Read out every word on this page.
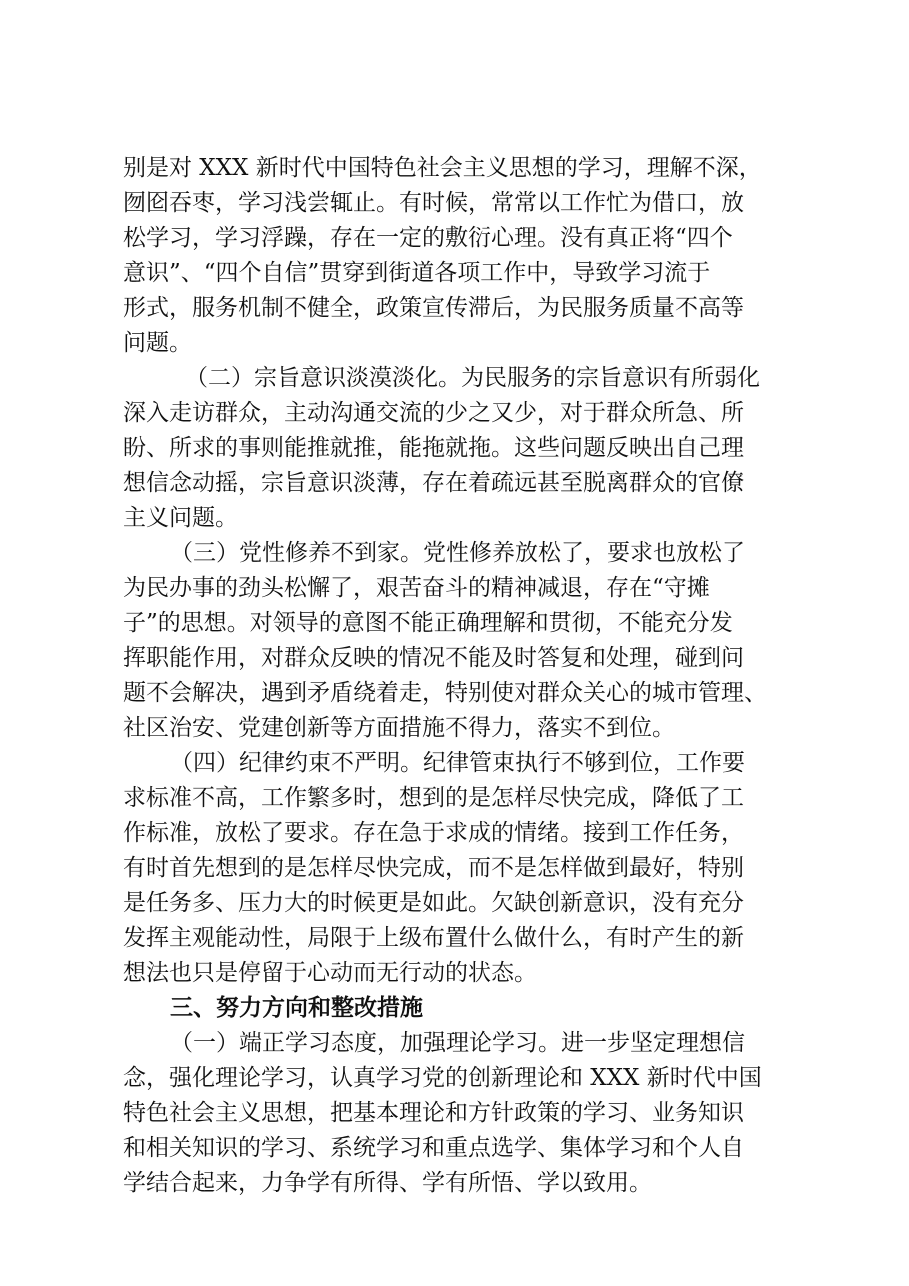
别是对 XXX 新时代中国特色社会主义思想的学习，理解不深，
囫囵吞枣，学习浅尝辄止。有时候，常常以工作忙为借口，放
松学习，学习浮躁，存在一定的敷衍心理。没有真正将“四个
意识”、“四个自信”贯穿到街道各项工作中，导致学习流于
形式，服务机制不健全，政策宣传滞后，为民服务质量不高等
问题。
（二）宗旨意识淡漠淡化。为民服务的宗旨意识有所弱化
深入走访群众，主动沟通交流的少之又少，对于群众所急、所
盼、所求的事则能推就推，能拖就拖。这些问题反映出自己理
想信念动摇，宗旨意识淡薄，存在着疏远甚至脱离群众的官僚
主义问题。
（三）党性修养不到家。党性修养放松了，要求也放松了
为民办事的劲头松懈了，艰苦奋斗的精神减退，存在“守摊
子”的思想。对领导的意图不能正确理解和贯彻，不能充分发
挥职能作用，对群众反映的情况不能及时答复和处理，碰到问
题不会解决，遇到矛盾绕着走，特别使对群众关心的城市管理、
社区治安、党建创新等方面措施不得力，落实不到位。
（四）纪律约束不严明。纪律管束执行不够到位，工作要
求标准不高，工作繁多时，想到的是怎样尽快完成，降低了工
作标准，放松了要求。存在急于求成的情绪。接到工作任务，
有时首先想到的是怎样尽快完成，而不是怎样做到最好，特别
是任务多、压力大的时候更是如此。欠缺创新意识，没有充分
发挥主观能动性，局限于上级布置什么做什么，有时产生的新
想法也只是停留于心动而无行动的状态。
三、努力方向和整改措施
（一）端正学习态度，加强理论学习。进一步坚定理想信
念，强化理论学习，认真学习党的创新理论和 XXX 新时代中国
特色社会主义思想，把基本理论和方针政策的学习、业务知识
和相关知识的学习、系统学习和重点选学、集体学习和个人自
学结合起来，力争学有所得、学有所悟、学以致用。
